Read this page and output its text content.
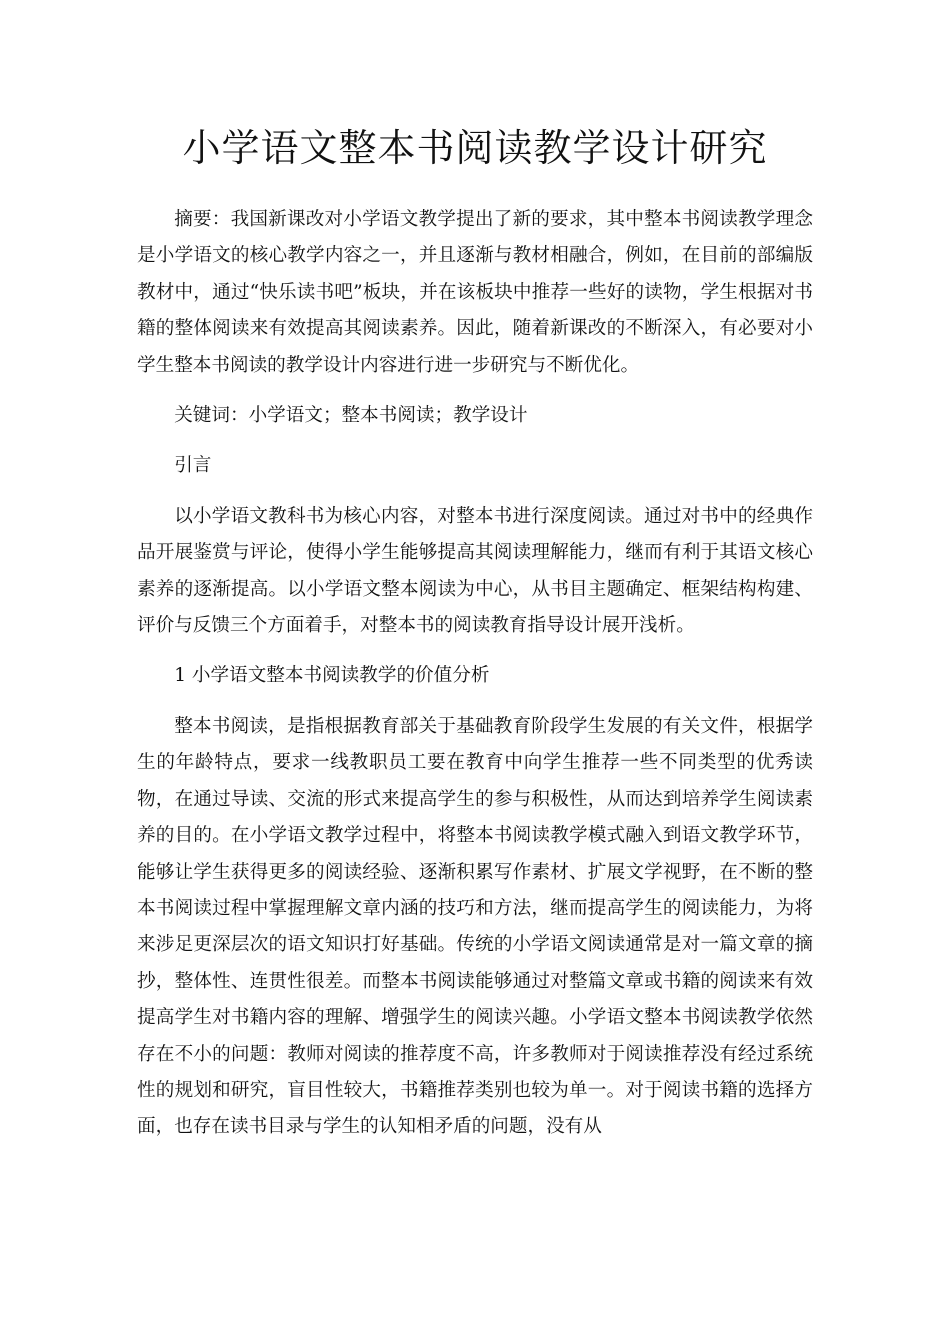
小学语文整本书阅读教学设计研究

摘要：我国新课改对小学语文教学提出了新的要求，其中整本书阅读教学理念是小学语文的核心教学内容之一，并且逐渐与教材相融合，例如，在目前的部编版教材中，通过“快乐读书吧”板块，并在该板块中推荐一些好的读物，学生根据对书籍的整体阅读来有效提高其阅读素养。因此，随着新课改的不断深入，有必要对小学生整本书阅读的教学设计内容进行进一步研究与不断优化。

关键词：小学语文；整本书阅读；教学设计

引言

以小学语文教科书为核心内容，对整本书进行深度阅读。通过对书中的经典作品开展鉴赏与评论，使得小学生能够提高其阅读理解能力，继而有利于其语文核心素养的逐渐提高。以小学语文整本阅读为中心，从书目主题确定、框架结构构建、评价与反馈三个方面着手，对整本书的阅读教育指导设计展开浅析。

1 小学语文整本书阅读教学的价值分析

整本书阅读，是指根据教育部关于基础教育阶段学生发展的有关文件，根据学生的年龄特点，要求一线教职员工要在教育中向学生推荐一些不同类型的优秀读物，在通过导读、交流的形式来提高学生的参与积极性，从而达到培养学生阅读素养的目的。在小学语文教学过程中，将整本书阅读教学模式融入到语文教学环节，能够让学生获得更多的阅读经验、逐渐积累写作素材、扩展文学视野，在不断的整本书阅读过程中掌握理解文章内涵的技巧和方法，继而提高学生的阅读能力，为将来涉足更深层次的语文知识打好基础。传统的小学语文阅读通常是对一篇文章的摘抄，整体性、连贯性很差。而整本书阅读能够通过对整篇文章或书籍的阅读来有效提高学生对书籍内容的理解、增强学生的阅读兴趣。小学语文整本书阅读教学依然存在不小的问题：教师对阅读的推荐度不高，许多教师对于阅读推荐没有经过系统性的规划和研究，盲目性较大，书籍推荐类别也较为单一。对于阅读书籍的选择方面，也存在读书目录与学生的认知相矛盾的问题，没有从
